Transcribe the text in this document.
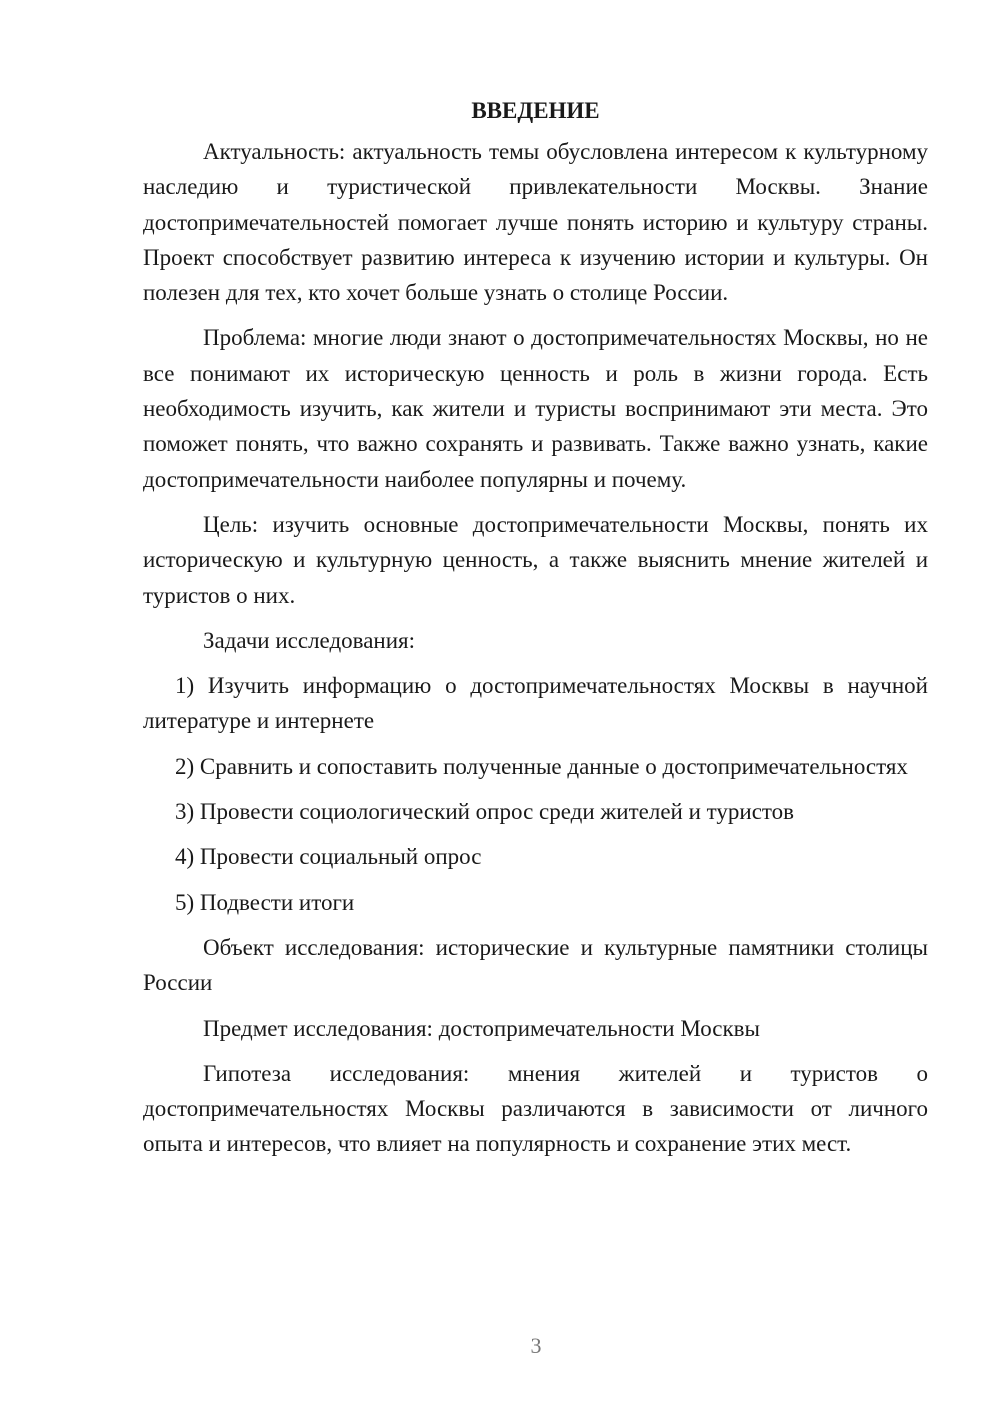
ВВЕДЕНИЕ

Актуальность: актуальность темы обусловлена интересом к культурному наследию и туристической привлекательности Москвы. Знание достопримечательностей помогает лучше понять историю и культуру страны. Проект способствует развитию интереса к изучению истории и культуры. Он полезен для тех, кто хочет больше узнать о столице России.

Проблема: многие люди знают о достопримечательностях Москвы, но не все понимают их историческую ценность и роль в жизни города. Есть необходимость изучить, как жители и туристы воспринимают эти места. Это поможет понять, что важно сохранять и развивать. Также важно узнать, какие достопримечательности наиболее популярны и почему.

Цель: изучить основные достопримечательности Москвы, понять их историческую и культурную ценность, а также выяснить мнение жителей и туристов о них.

Задачи исследования:

1) Изучить информацию о достопримечательностях Москвы в научной литературе и интернете

2) Сравнить и сопоставить полученные данные о достопримечательностях

3) Провести социологический опрос среди жителей и туристов

4) Провести социальный опрос

5) Подвести итоги

Объект исследования: исторические и культурные памятники столицы России

Предмет исследования: достопримечательности Москвы

Гипотеза исследования: мнения жителей и туристов о достопримечательностях Москвы различаются в зависимости от личного опыта и интересов, что влияет на популярность и сохранение этих мест.

3
